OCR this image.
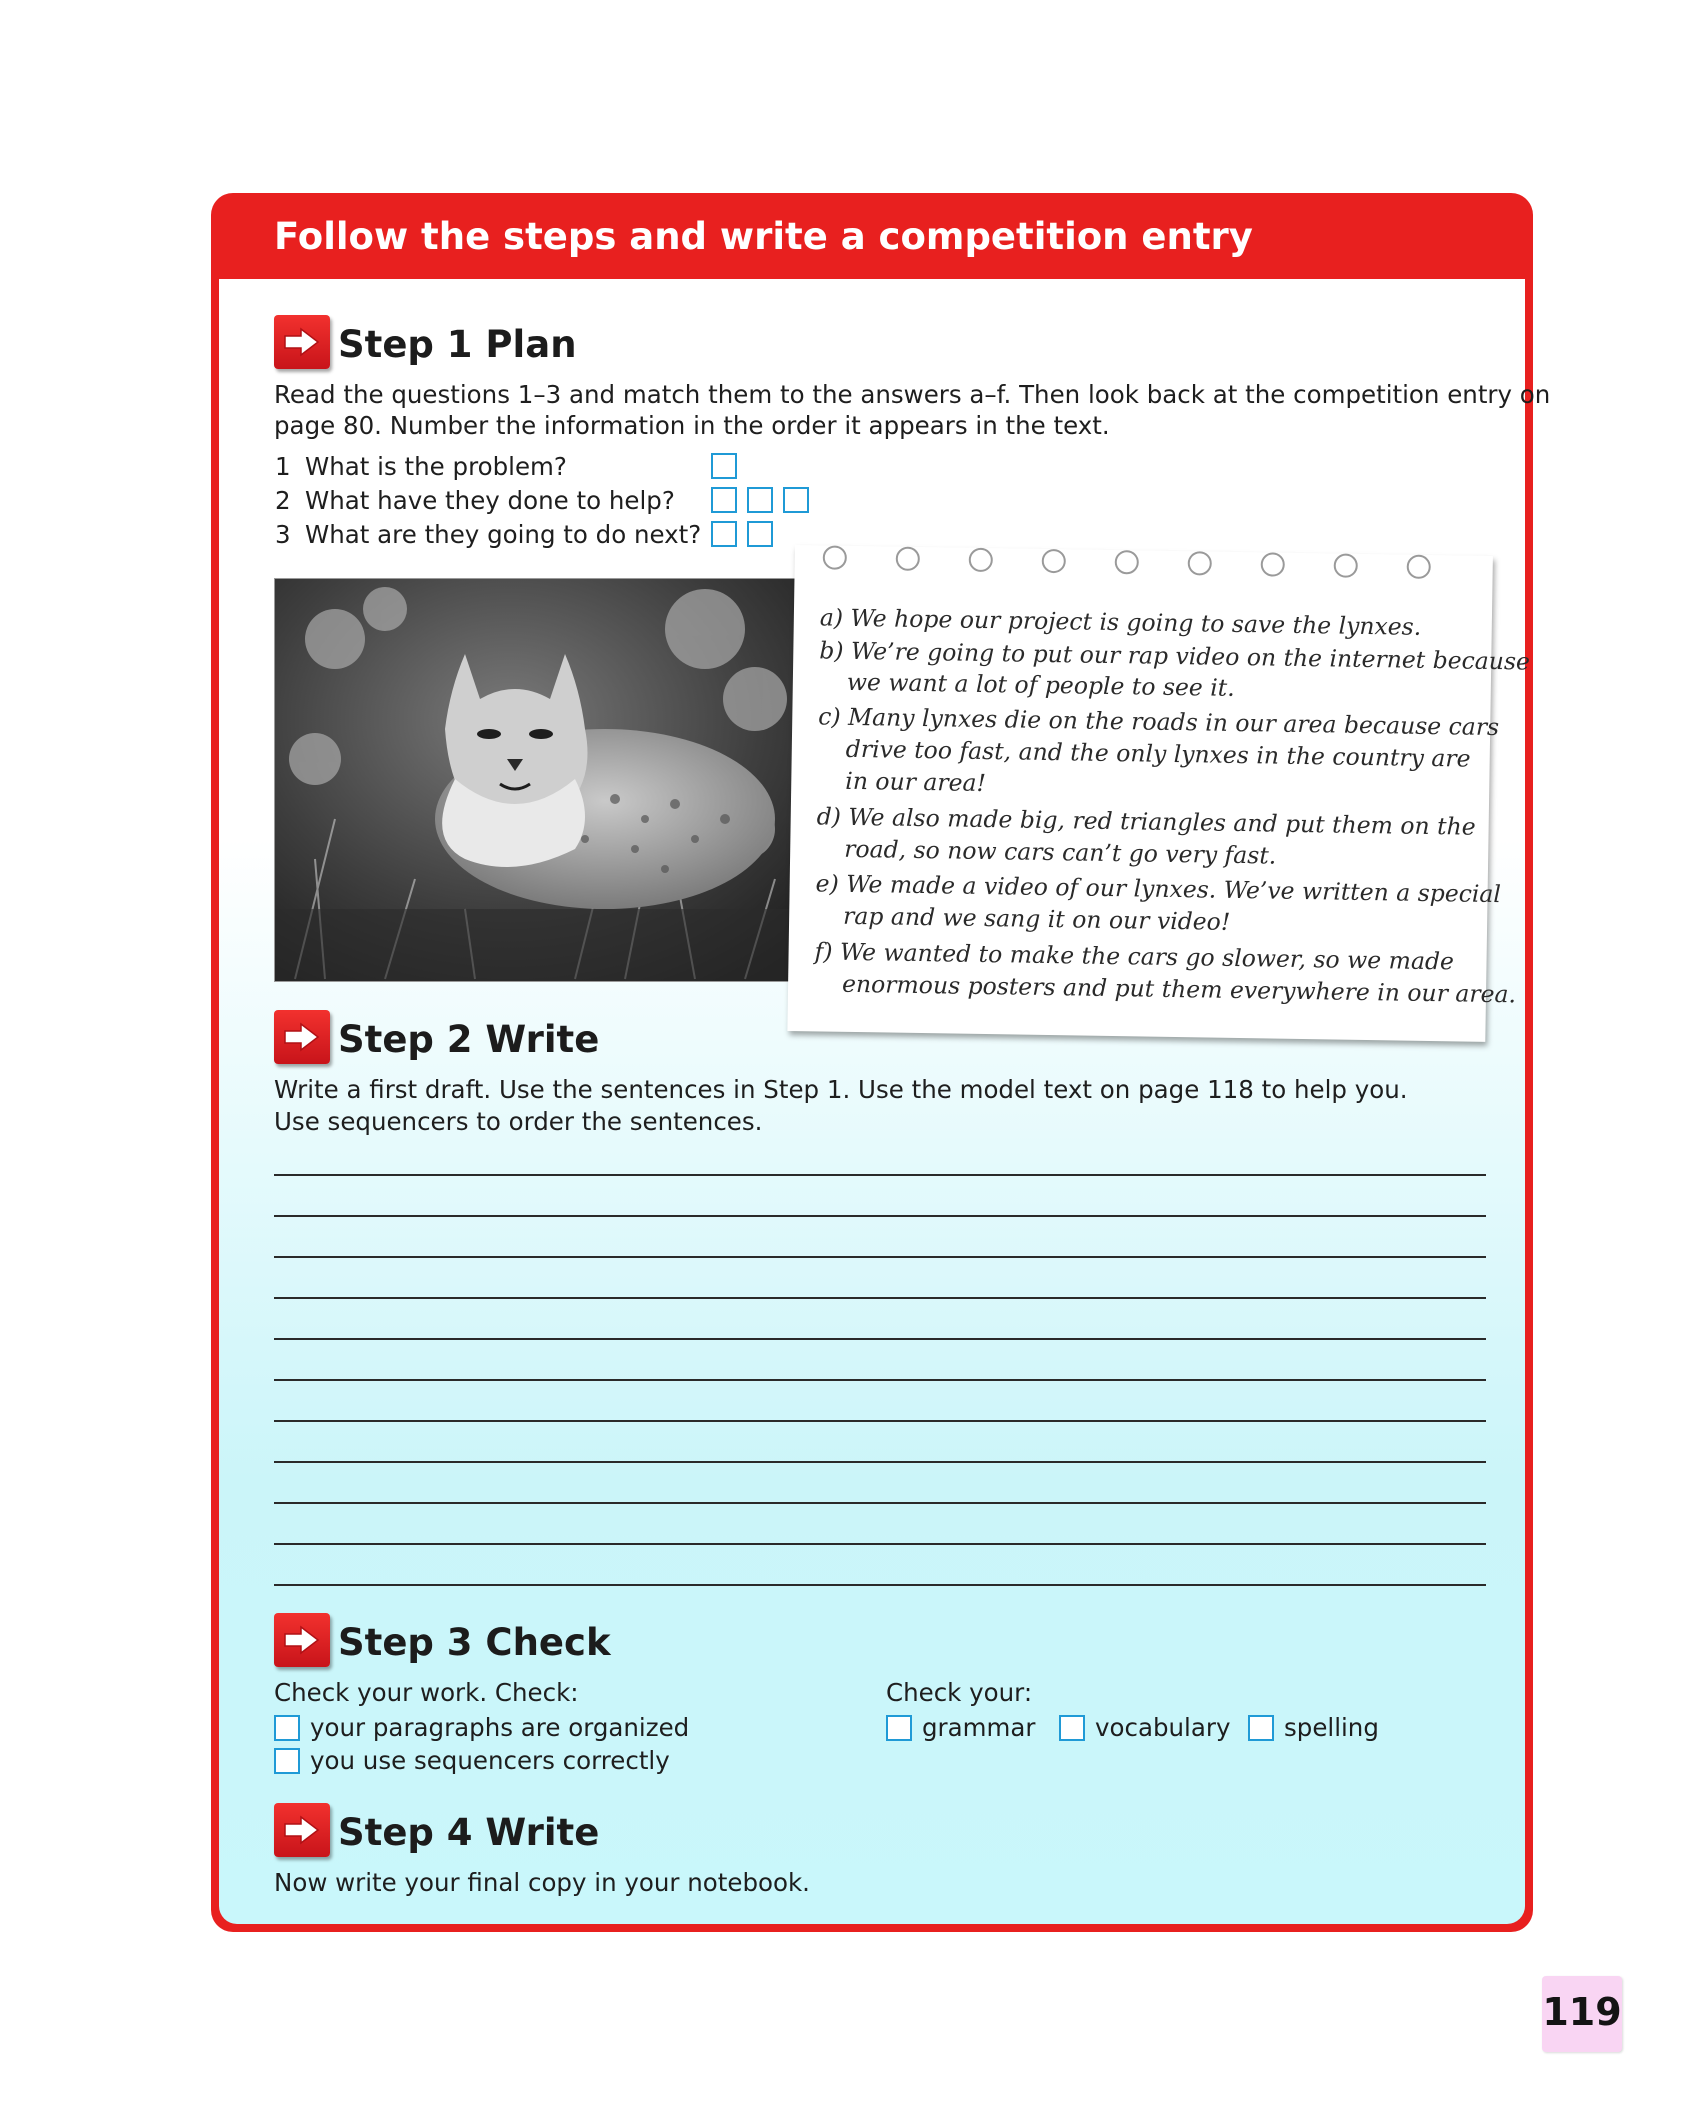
Follow the steps and write a competition entry
Step 1 Plan

Read the questions 1–3 and match them to the answers a–f. Then look back at the competition entry on

page 80. Number the information in the order it appears in the text.

1 What is the problem?
2 What have they done to help?
3 What are they going to do next?
a) We hope our project is going to save the lynxes.
b) We’re going to put our rap video on the internet because
we want a lot of people to see it.
c) Many lynxes die on the roads in our area because cars
drive too fast, and the only lynxes in the country are
in our area!
d) We also made big, red triangles and put them on the
road, so now cars can’t go very fast.
e) We made a video of our lynxes. We’ve written a special
rap and we sang it on our video!
f) We wanted to make the cars go slower, so we made
enormous posters and put them everywhere in our area.
Step 2 Write

Write a first draft. Use the sentences in Step 1. Use the model text on page 118 to help you.

Use sequencers to order the sentences.

Step 3 Check

Check your work. Check:

your paragraphs are organized

you use sequencers correctly

Check your:

grammar vocabulary spelling

Step 4 Write

Now write your final copy in your notebook.

119
